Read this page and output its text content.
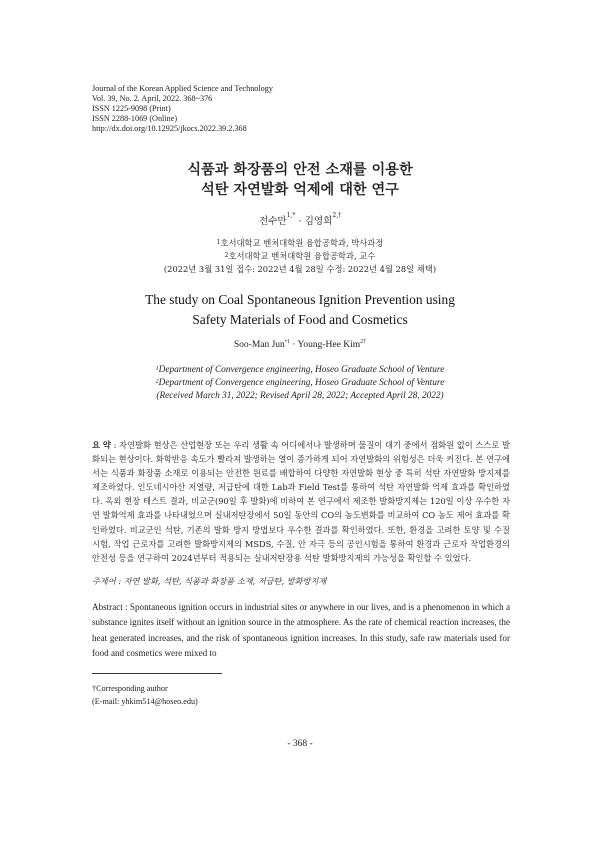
Journal of the Korean Applied Science and Technology
Vol. 39, No. 2. April, 2022. 368~376
ISSN 1225-9098 (Print)
ISSN 2288-1069 (Online)
http://dx.doi.org/10.12925/jkocs.2022.39.2.368
식품과 화장품의 안전 소재를 이용한
석탄 자연발화 억제에 대한 연구
전수만$^{1,*}$ · 김영희$^{2,\dagger}$
$^1$호서대학교 벤처대학원 융합공학과, 박사과정
$^2$호서대학교 벤처대학원 융합공학과, 교수
(2022년 3월 31일 접수: 2022년 4월 28일 수정: 2022년 4월 28일 채택)
The study on Coal Spontaneous Ignition Prevention using
Safety Materials of Food and Cosmetics
Soo-Man Jun$^{•1}$ · Young-Hee Kim$^{2\dagger}$
$^1$Department of Convergence engineering, Hoseo Graduate School of Venture
$^2$Department of Convergence engineering, Hoseo Graduate School of Venture
(Received March 31, 2022; Revised April 28, 2022; Accepted April 28, 2022)
요 약 : 자연발화 현상은 산업현장 또는 우리 생활 속 어디에서나 발생하며 물질이 대기 중에서 점화원 없이 스스로 발화되는 현상이다. 화학반응 속도가 빨라져 발생하는 열이 증가하게 되어 자연발화의 위험성은 더욱 커진다. 본 연구에서는 식품과 화장품 소재로 이용되는 안전한 원료를 배합하여 다양한 자연발화 현상 중 특히 석탄 자연발화 방지제를 제조하였다. 인도네시아산 저열량, 저급탄에 대한 Lab과 Field Test를 통하여 석탄 자연발화 억제 효과를 확인하였다. 옥외 현장 테스트 결과, 비교군(90일 후 발화)에 비하여 본 연구에서 제조한 발화방지제는 120일 이상 우수한 자연 발화억제 효과를 나타내었으며 실내저탄장에서 50일 동안의 CO의 농도변화를 비교하여 CO 농도 제어 효과를 확인하였다. 비교군인 석탄, 기존의 발화 방지 방법보다 우수한 결과를 확인하였다. 또한, 환경을 고려한 토양 및 수질 시험, 작업 근로자를 고려한 발화방지제의 MSDS, 수질, 안 자극 등의 공인시험을 통하여 환경과 근로자 작업환경의 안전성 등을 연구하여 2024년부터 적용되는 실내저탄장용 석탄 발화방지제의 가능성을 확인할 수 있었다.
주제어 : 자연 발화, 석탄, 식품과 화장품 소재, 저급탄, 발화방지제
Abstract : Spontaneous ignition occurs in industrial sites or anywhere in our lives, and is a phenomenon in which a substance ignites itself without an ignition source in the atmosphere. As the rate of chemical reaction increases, the heat generated increases, and the risk of spontaneous ignition increases. In this study, safe raw materials used for food and cosmetics were mixed to
†Corresponding author
(E-mail: yhkim514@hoseo.edu)
- 368 -
